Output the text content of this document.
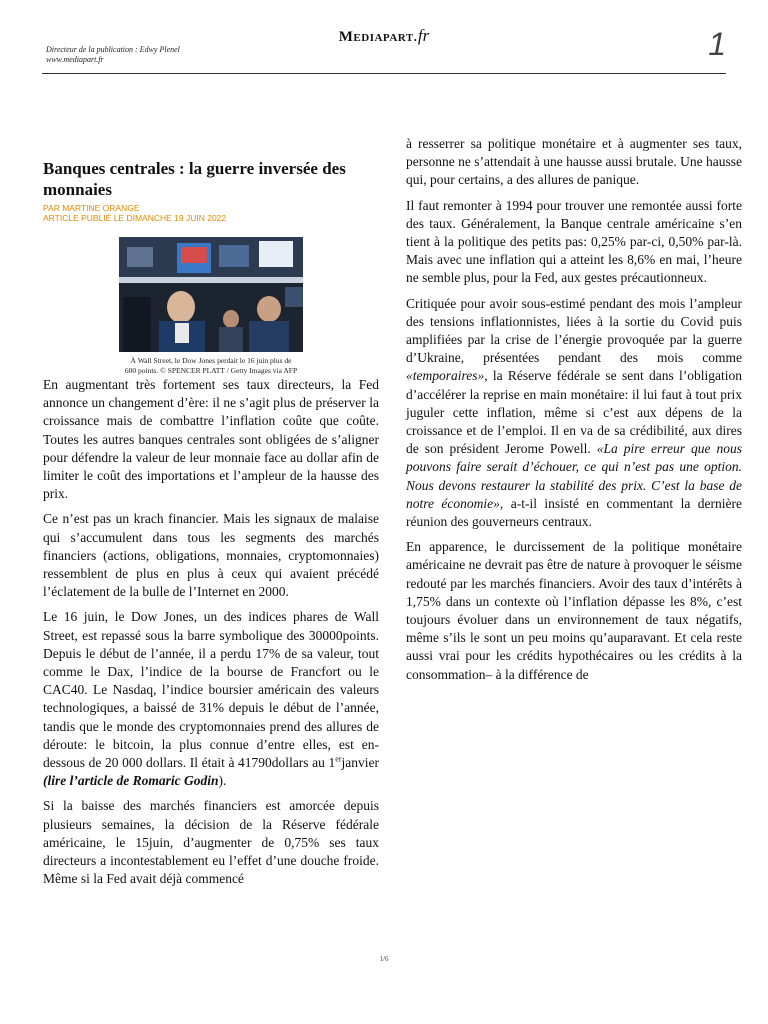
Directeur de la publication : Edwy Plenel
www.mediapart.fr
Mediapart.fr	1
Banques centrales : la guerre inversée des monnaies
PAR MARTINE ORANGE
ARTICLE PUBLIÉ LE DIMANCHE 19 JUIN 2022
À Wall Street, le Dow Jones perdait le 16 juin plus de
600 points. © SPENCER PLATT / Getty Images via AFP

En augmentant très fortement ses taux directeurs, la Fed annonce un changement d’ère: il ne s’agit plus de préserver la croissance mais de combattre l’inflation coûte que coûte. Toutes les autres banques centrales sont obligées de s’aligner pour défendre la valeur de leur monnaie face au dollar afin de limiter le coût des importations et l’ampleur de la hausse des prix.

Ce n’est pas un krach financier. Mais les signaux de malaise qui s’accumulent dans tous les segments des marchés financiers (actions, obligations, monnaies, cryptomonnaies) ressemblent de plus en plus à ceux qui avaient précédé l’éclatement de la bulle de l’Internet en 2000.

Le 16 juin, le Dow Jones, un des indices phares de Wall Street, est repassé sous la barre symbolique des 30000points. Depuis le début de l’année, il a perdu 17% de sa valeur, tout comme le Dax, l’indice de la bourse de Francfort ou le CAC40. Le Nasdaq, l’indice boursier américain des valeurs technologiques, a baissé de 31% depuis le début de l’année, tandis que le monde des cryptomonnaies prend des allures de déroute: le bitcoin, la plus connue d’entre elles, est en-dessous de 20 000 dollars. Il était à 41790dollars au 1erjanvier (lire l’article de Romaric Godin).

Si la baisse des marchés financiers est amorcée depuis plusieurs semaines, la décision de la Réserve fédérale américaine, le 15juin, d’augmenter de 0,75% ses taux directeurs a incontestablement eu l’effet d’une douche froide. Même si la Fed avait déjà commencé

à resserrer sa politique monétaire et à augmenter ses taux, personne ne s’attendait à une hausse aussi brutale. Une hausse qui, pour certains, a des allures de panique.

Il faut remonter à 1994 pour trouver une remontée aussi forte des taux. Généralement, la Banque centrale américaine s’en tient à la politique des petits pas: 0,25% par-ci, 0,50% par-là. Mais avec une inflation qui a atteint les 8,6% en mai, l’heure ne semble plus, pour la Fed, aux gestes précautionneux.

Critiquée pour avoir sous-estimé pendant des mois l’ampleur des tensions inflationnistes, liées à la sortie du Covid puis amplifiées par la crise de l’énergie provoquée par la guerre d’Ukraine, présentées pendant des mois comme «temporaires», la Réserve fédérale se sent dans l’obligation d’accélérer la reprise en main monétaire: il lui faut à tout prix juguler cette inflation, même si c’est aux dépens de la croissance et de l’emploi. Il en va de sa crédibilité, aux dires de son président Jerome Powell. «La pire erreur que nous pouvons faire serait d’échouer, ce qui n’est pas une option. Nous devons restaurer la stabilité des prix. C’est la base de notre économie», a-t-il insisté en commentant la dernière réunion des gouverneurs centraux.

En apparence, le durcissement de la politique monétaire américaine ne devrait pas être de nature à provoquer le séisme redouté par les marchés financiers. Avoir des taux d’intérêts à 1,75% dans un contexte où l’inflation dépasse les 8%, c’est toujours évoluer dans un environnement de taux négatifs, même s’ils le sont un peu moins qu’auparavant. Et cela reste aussi vrai pour les crédits hypothécaires ou les crédits à la consommation– à la différence de

1/6
